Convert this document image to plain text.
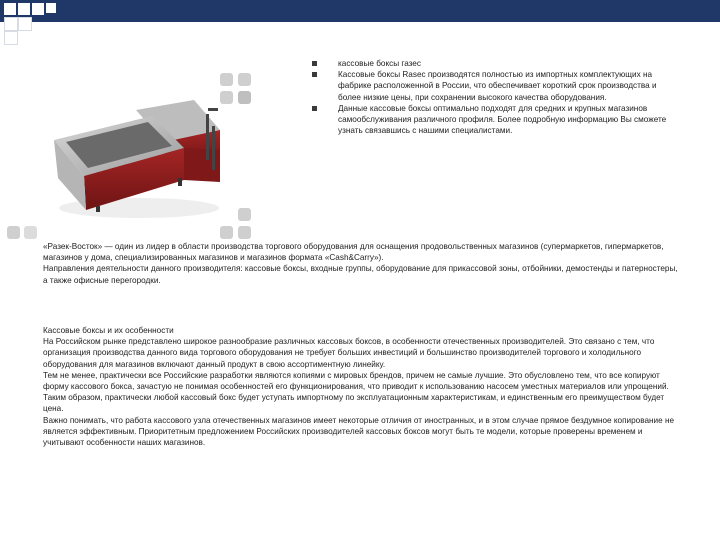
кассовые боксы газес
Кассовые боксы Rasec производятся полностью из импортных комплектующих на фабрике расположенной в России, что обеспечивает короткий срок производства и более низкие цены, при сохранении высокого качества оборудования.
Данные кассовые боксы оптимально подходят для средних и крупных магазинов самообслуживания различного профиля. Более подробную информацию Вы сможете узнать связавшись с нашими специалистами.
«Разек-Восток» — один из лидер в области производства торгового оборудования для оснащения продовольственных магазинов (супермаркетов, гипермаркетов, магазинов у дома, специализированных магазинов и магазинов формата «Cash&Carry»).
Направления деятельности данного производителя: кассовые боксы, входные группы, оборудование для прикассовой зоны, отбойники, демостенды и патерностеры, а также офисные перегородки.
Кассовые боксы и их особенности
На Российском рынке представлено широкое разнообразие различных кассовых боксов, в особенности отечественных производителей. Это связано с тем, что организация производства данного вида торгового оборудования не требует больших инвестиций и большинство производителей торгового и холодильного оборудования для магазинов включают данный продукт в свою ассортиментную линейку.
Тем не менее, практически все Российские разработки являются копиями с мировых брендов, причем не самые лучшие. Это обусловлено тем, что все копируют форму кассового бокса, зачастую не понимая особенностей его функционирования, что приводит к использованию насосем уместных материалов или упрощений. Таким образом, практически любой кассовый бокс будет уступать импортному по эксплуатационным характеристикам, и единственным его преимуществом будет цена.
Важно понимать, что работа кассового узла отечественных магазинов имеет некоторые отличия от иностранных, и в этом случае прямое бездумное копирование не является эффективным. Приоритетным предложением Российских производителей кассовых боксов могут быть те модели, которые проверены временем и учитывают особенности наших магазинов.
